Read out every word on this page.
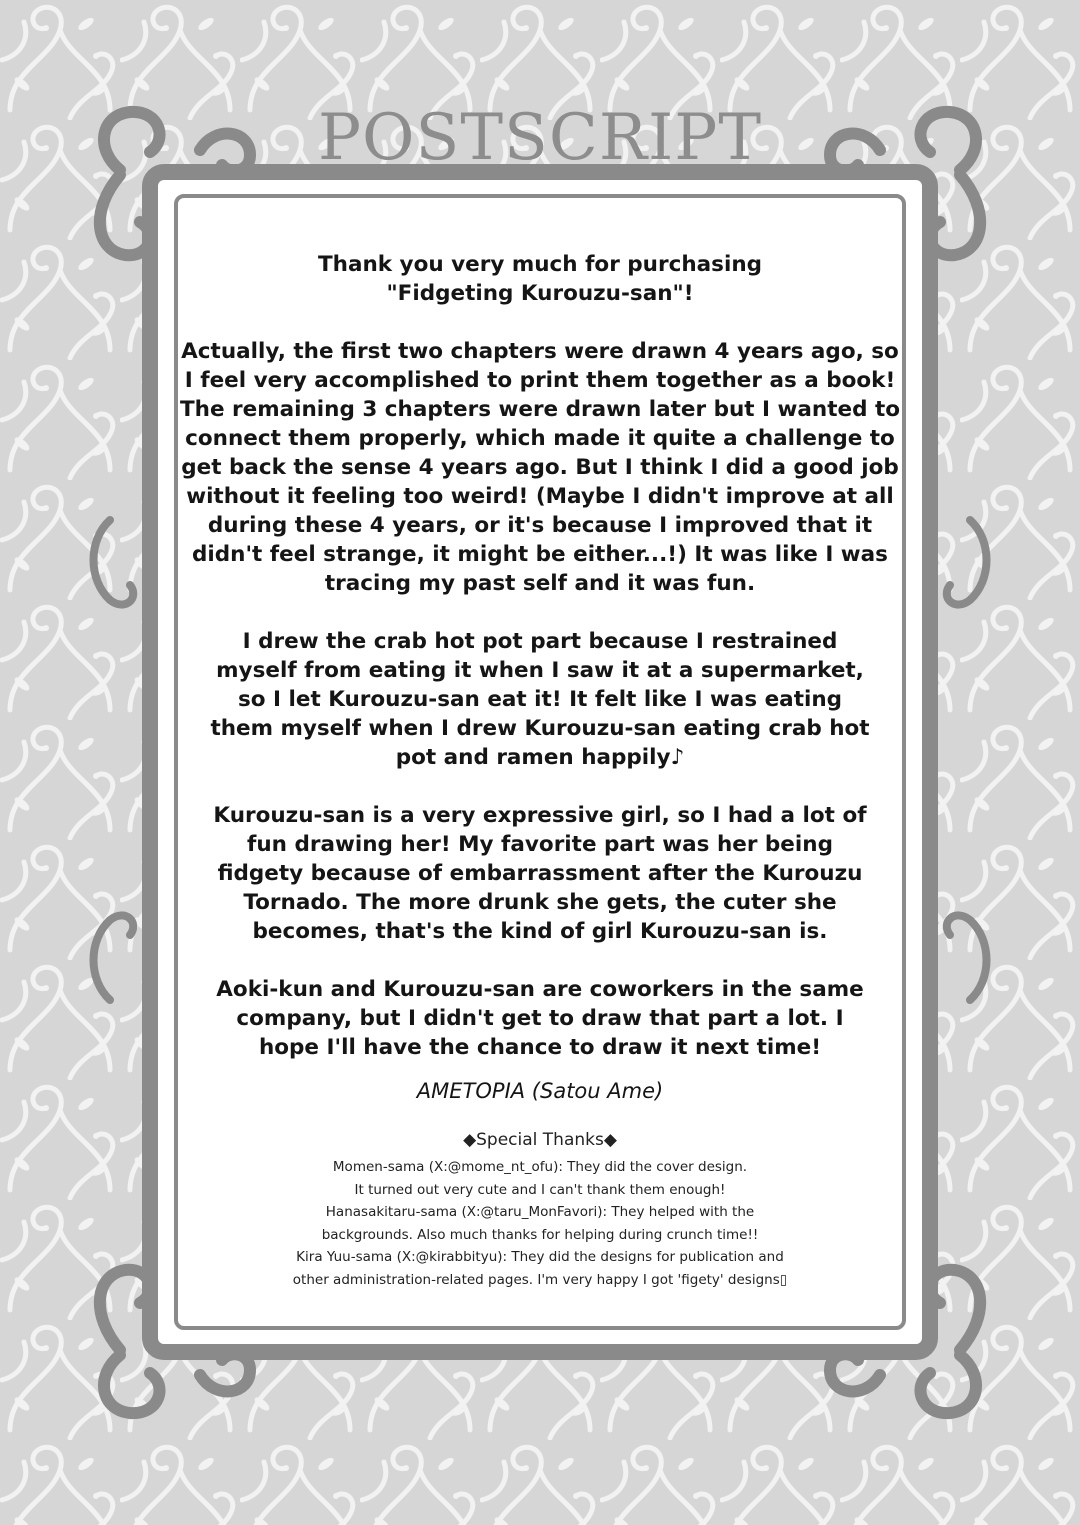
POSTSCRIPT

Thank you very much for purchasing "Fidgeting Kurouzu-san"!

Actually, the first two chapters were drawn 4 years ago, so I feel very accomplished to print them together as a book! The remaining 3 chapters were drawn later but I wanted to connect them properly, which made it quite a challenge to get back the sense 4 years ago. But I think I did a good job without it feeling too weird! (Maybe I didn't improve at all during these 4 years, or it's because I improved that it didn't feel strange, it might be either...!) It was like I was tracing my past self and it was fun.

I drew the crab hot pot part because I restrained myself from eating it when I saw it at a supermarket, so I let Kurouzu-san eat it! It felt like I was eating them myself when I drew Kurouzu-san eating crab hot pot and ramen happily♪

Kurouzu-san is a very expressive girl, so I had a lot of fun drawing her! My favorite part was her being fidgety because of embarrassment after the Kurouzu Tornado. The more drunk she gets, the cuter she becomes, that's the kind of girl Kurouzu-san is.

Aoki-kun and Kurouzu-san are coworkers in the same company, but I didn't get to draw that part a lot. I hope I'll have the chance to draw it next time!

AMETOPIA (Satou Ame)
◆Special Thanks◆
Momen-sama (X:@mome_nt_ofu): They did the cover design.
It turned out very cute and I can't thank them enough!
Hanasakitaru-sama (X:@taru_MonFavori): They helped with the
backgrounds. Also much thanks for helping during crunch time!!
Kira Yuu-sama (X:@kirabbityu): They did the designs for publication and
other administration-related pages. I'm very happy I got 'figety' designs▯
